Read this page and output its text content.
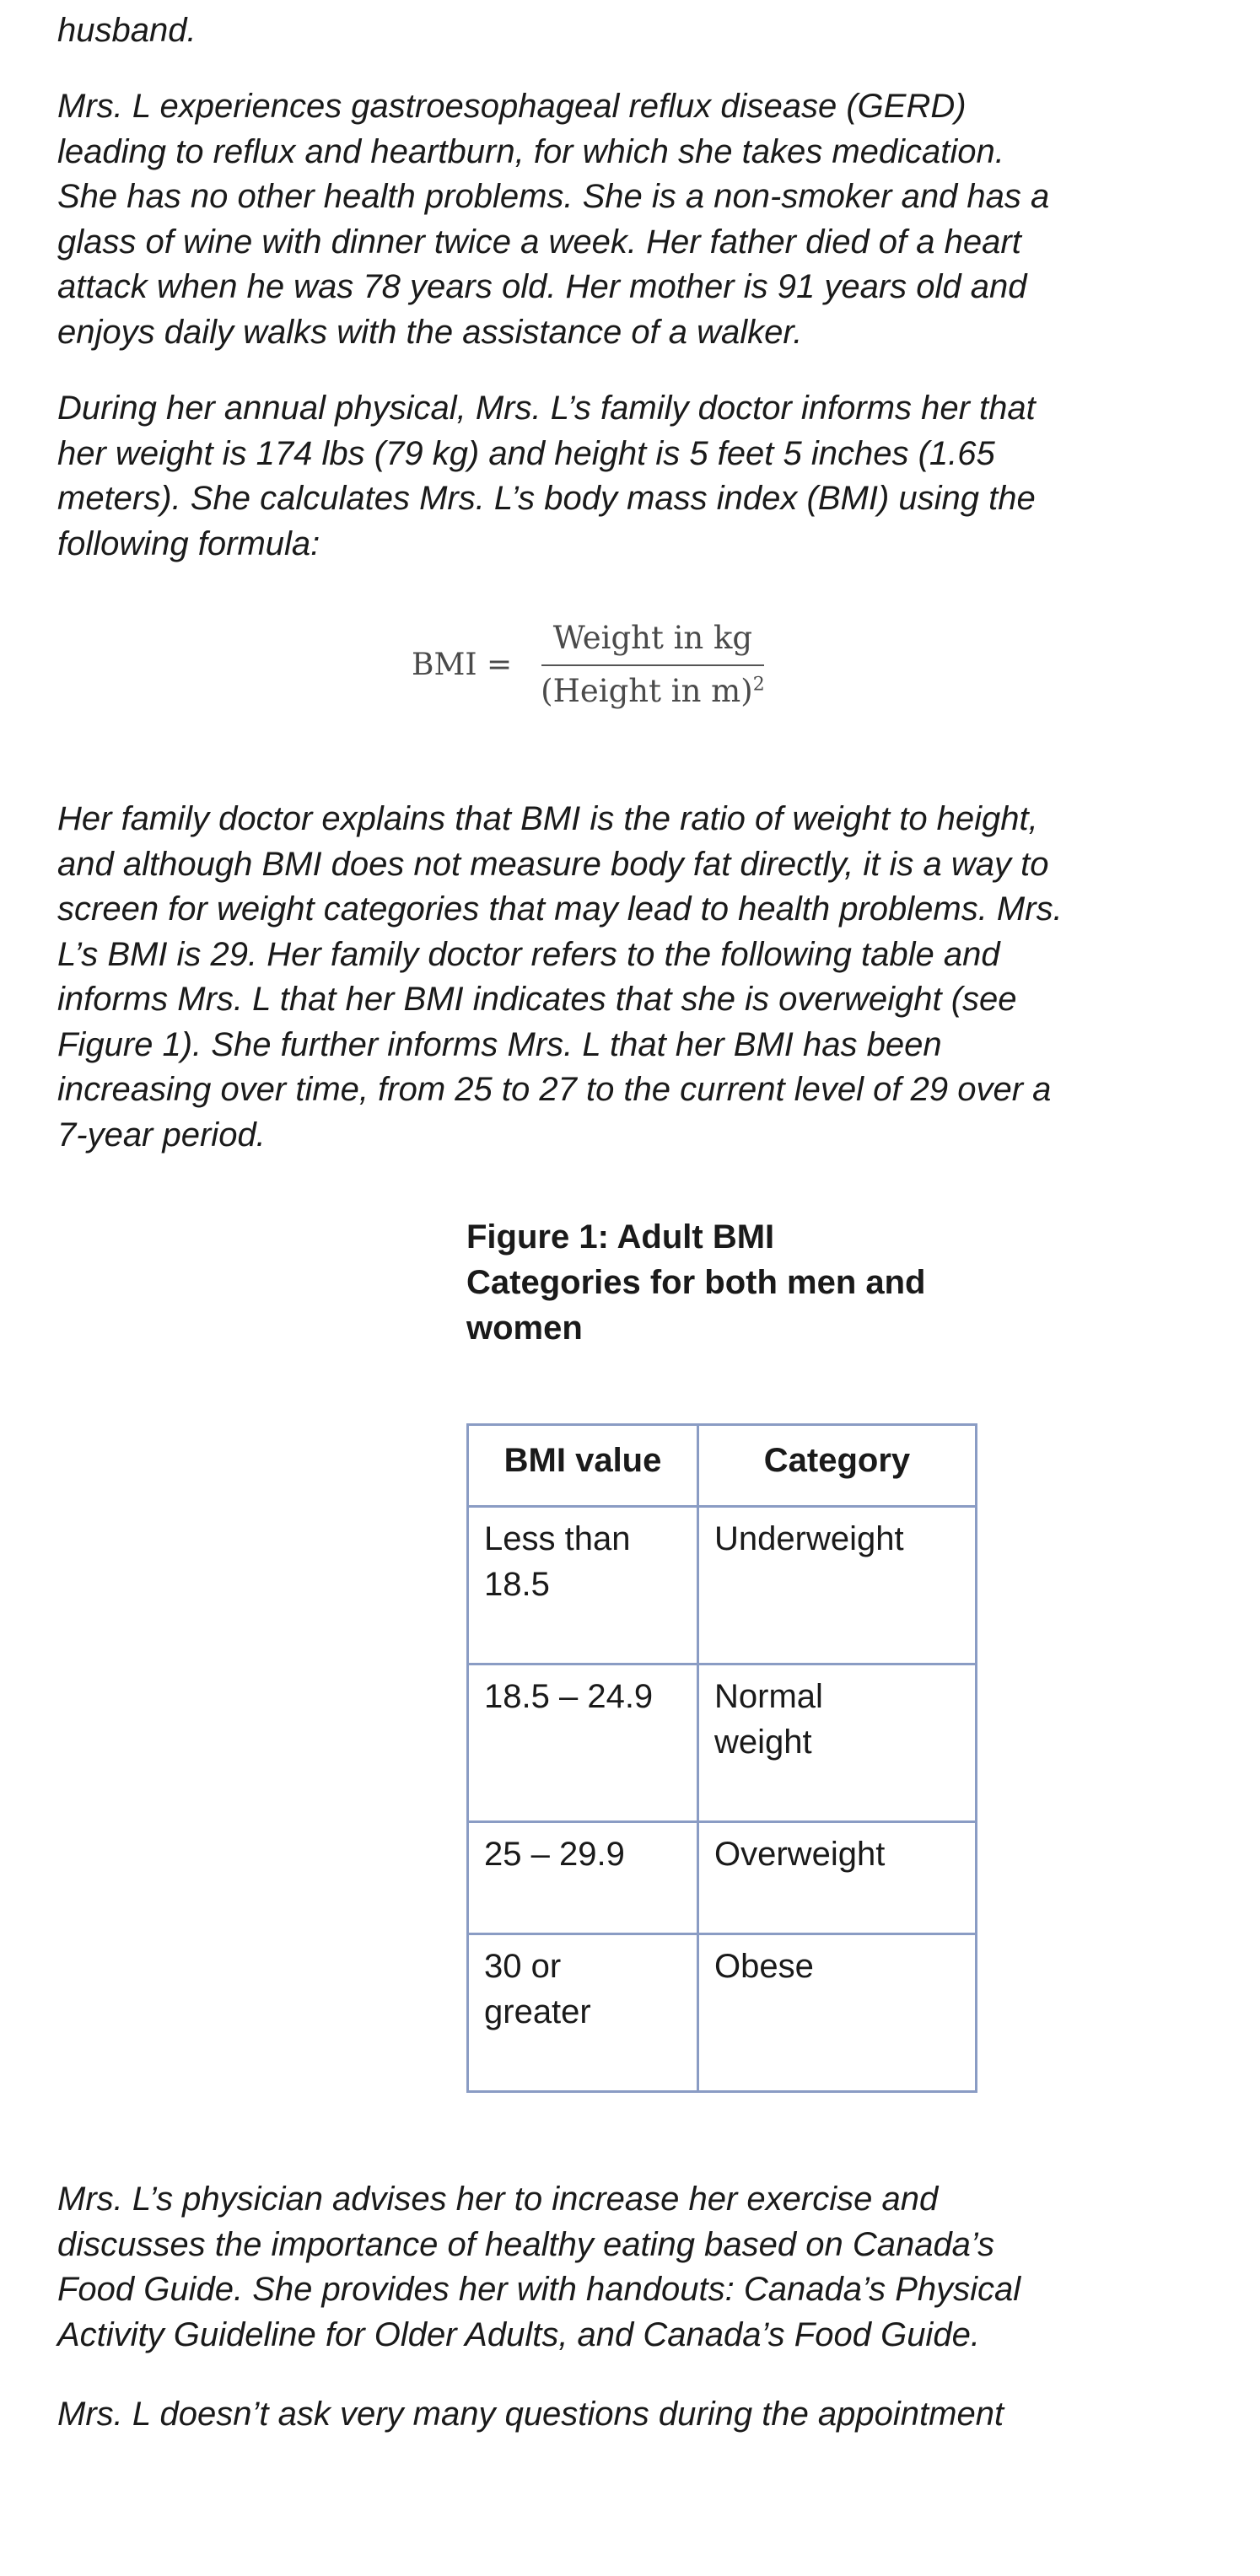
husband.

Mrs. L experiences gastroesophageal reflux disease (GERD)
leading to reflux and heartburn, for which she takes medication.
She has no other health problems. She is a non-smoker and has a
glass of wine with dinner twice a week. Her father died of a heart
attack when he was 78 years old. Her mother is 91 years old and
enjoys daily walks with the assistance of a walker.

During her annual physical, Mrs. L’s family doctor informs her that
her weight is 174 lbs (79 kg) and height is 5 feet 5 inches (1.65
meters). She calculates Mrs. L’s body mass index (BMI) using the
following formula:

BMI = $\frac{\text{Weight in kg}}{(Height in m)^2}$

Her family doctor explains that BMI is the ratio of weight to height,
and although BMI does not measure body fat directly, it is a way to
screen for weight categories that may lead to health problems. Mrs.
L’s BMI is 29. Her family doctor refers to the following table and
informs Mrs. L that her BMI indicates that she is overweight (see
Figure 1). She further informs Mrs. L that her BMI has been
increasing over time, from 25 to 27 to the current level of 29 over a
7-year period.

Figure 1: Adult BMI
Categories for both men and
women

BMI value	Category
Less than
18.5	Underweight
18.5 – 24.9	Normal
weight
25 – 29.9	Overweight
30 or
greater	Obese

Mrs. L’s physician advises her to increase her exercise and
discusses the importance of healthy eating based on Canada’s
Food Guide. She provides her with handouts: Canada’s Physical
Activity Guideline for Older Adults, and Canada’s Food Guide.

Mrs. L doesn’t ask very many questions during the appointment
